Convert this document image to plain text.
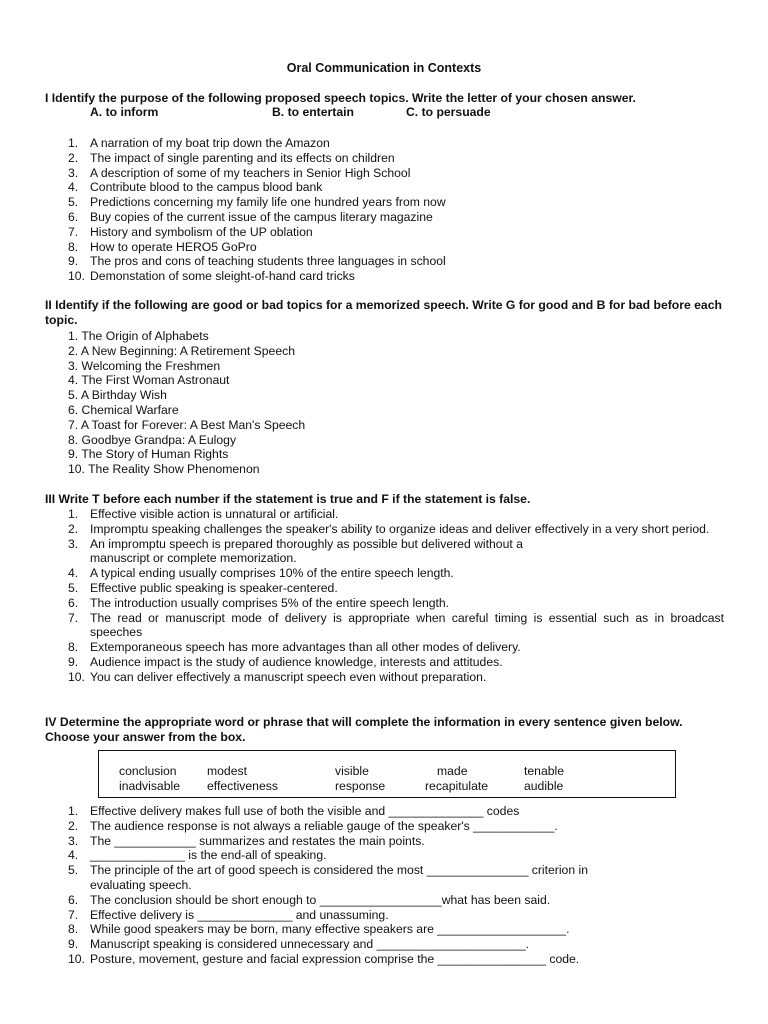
Oral Communication in Contexts
I Identify the purpose of the following proposed speech topics. Write the letter of your chosen answer.
A. to inform	B. to entertain	C. to persuade
1. A narration of my boat trip down the Amazon
2. The impact of single parenting and its effects on children
3. A description of some of my teachers in Senior High School
4. Contribute blood to the campus blood bank
5. Predictions concerning my family life one hundred years from now
6. Buy copies of the current issue of the campus literary magazine
7. History and symbolism of the UP oblation
8. How to operate HERO5 GoPro
9. The pros and cons of teaching students three languages in school
10. Demonstation of some sleight-of-hand card tricks
II Identify if the following are good or bad topics for a memorized speech. Write G for good and B for bad before each topic.
1. The Origin of Alphabets
2. A New Beginning: A Retirement Speech
3. Welcoming the Freshmen
4. The First Woman Astronaut
5. A Birthday Wish
6. Chemical Warfare
7. A Toast for Forever: A Best Man's Speech
8. Goodbye Grandpa: A Eulogy
9. The Story of Human Rights
10. The Reality Show Phenomenon
III Write T before each number if the statement is true and F if the statement is false.
1. Effective visible action is unnatural or artificial.
2. Impromptu speaking challenges the speaker's ability to organize ideas and deliver effectively in a very short period.
3. An impromptu speech is prepared thoroughly as possible but delivered without a manuscript or complete memorization.
4. A typical ending usually comprises 10% of the entire speech length.
5. Effective public speaking is speaker-centered.
6. The introduction usually comprises 5% of the entire speech length.
7. The read or manuscript mode of delivery is appropriate when careful timing is essential such as in broadcast speeches
8. Extemporaneous speech has more advantages than all other modes of delivery.
9. Audience impact is the study of audience knowledge, interests and attitudes.
10. You can deliver effectively a manuscript speech even without preparation.
IV Determine the appropriate word or phrase that will complete the information in every sentence given below. Choose your answer from the box.
conclusion modest	visible	made	tenable
inadvisable effectiveness	response	recapitulate	audible
1. Effective delivery makes full use of both the visible and ______________ codes
2. The audience response is not always a reliable gauge of the speaker's ____________.
3. The ____________ summarizes and restates the main points.
4. ______________ is the end-all of speaking.
5. The principle of the art of good speech is considered the most _______________ criterion in evaluating speech.
6. The conclusion should be short enough to __________________what has been said.
7. Effective delivery is ______________ and unassuming.
8. While good speakers may be born, many effective speakers are ___________________.
9. Manuscript speaking is considered unnecessary and ______________________.
10. Posture, movement, gesture and facial expression comprise the ________________ code.
